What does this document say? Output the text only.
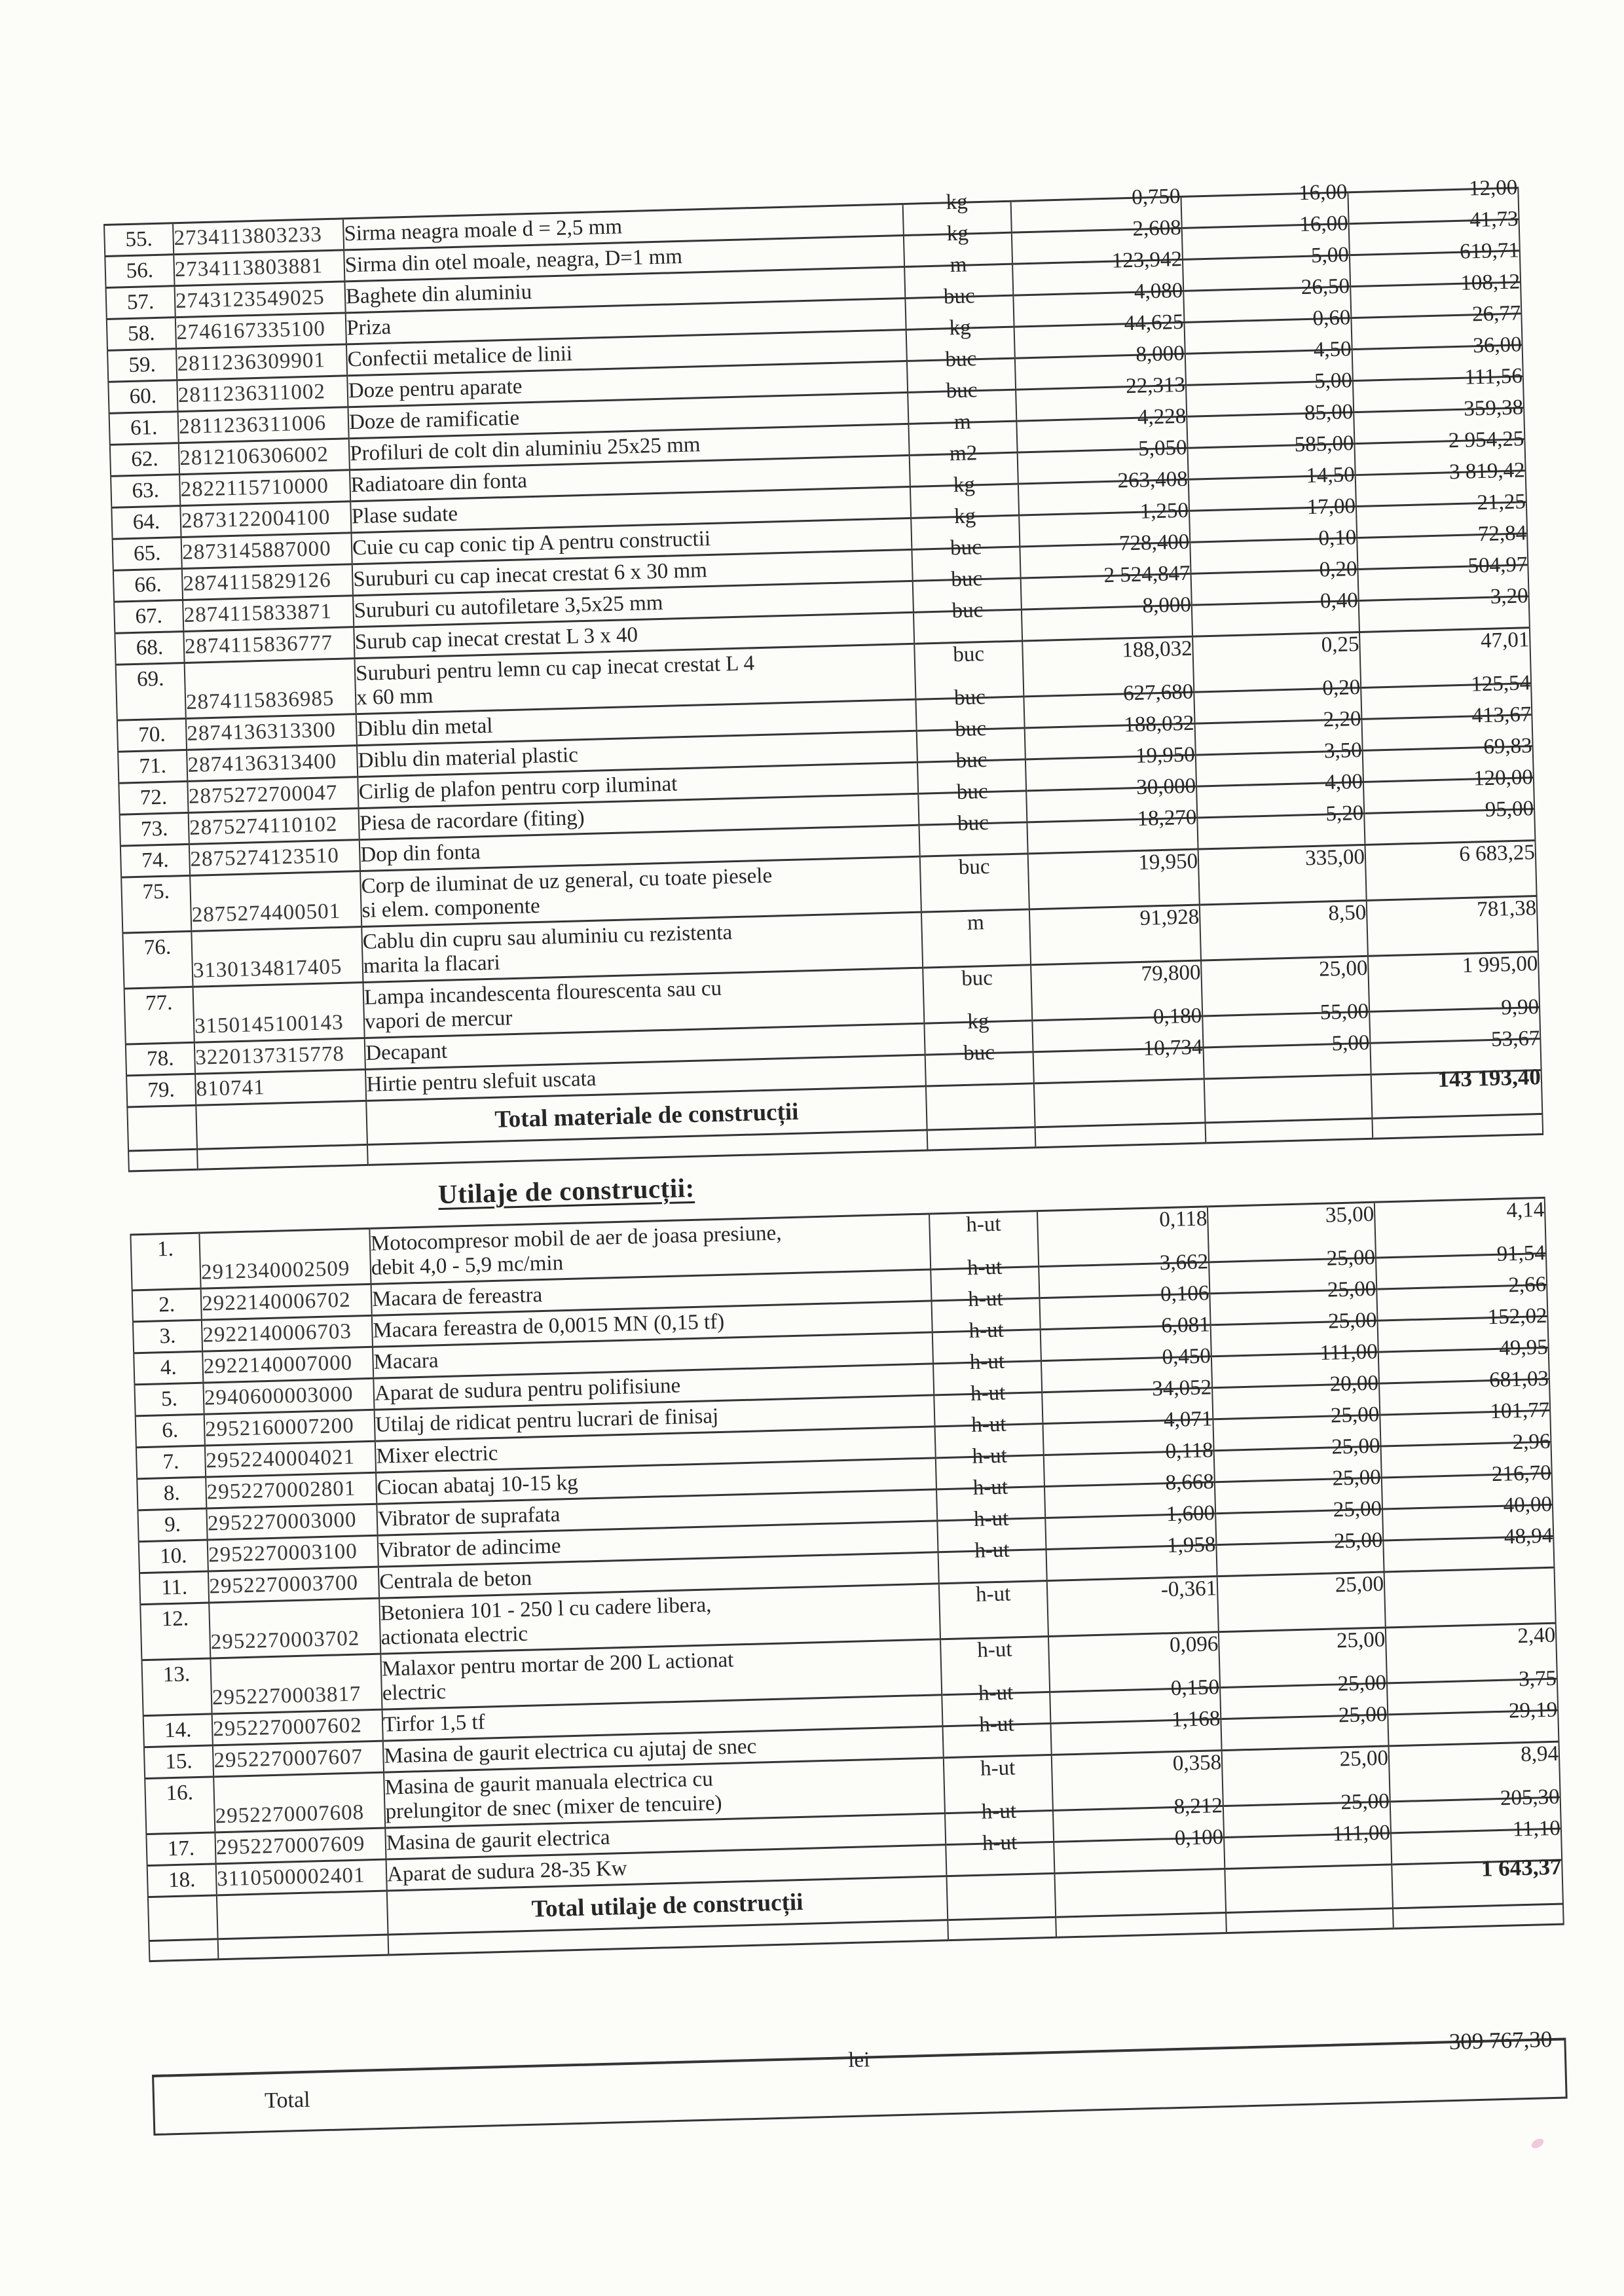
55.	2734113803233	Sirma neagra moale d = 2,5 mm	kg	0,750	16,00	12,00
56.	2734113803881	Sirma din otel moale, neagra, D=1 mm	kg	2,608	16,00	41,73
57.	2743123549025	Baghete din aluminiu	m	123,942	5,00	619,71
58.	2746167335100	Priza	buc	4,080	26,50	108,12
59.	2811236309901	Confectii metalice de linii	kg	44,625	0,60	26,77
60.	2811236311002	Doze pentru aparate	buc	8,000	4,50	36,00
61.	2811236311006	Doze de ramificatie	buc	22,313	5,00	111,56
62.	2812106306002	Profiluri de colt din aluminiu 25x25 mm	m	4,228	85,00	359,38
63.	2822115710000	Radiatoare din fonta	m2	5,050	585,00	2 954,25
64.	2873122004100	Plase sudate	kg	263,408	14,50	3 819,42
65.	2873145887000	Cuie cu cap conic tip A pentru constructii	kg	1,250	17,00	21,25
66.	2874115829126	Suruburi cu cap inecat crestat 6 x 30 mm	buc	728,400	0,10	72,84
67.	2874115833871	Suruburi cu autofiletare 3,5x25 mm	buc	2 524,847	0,20	504,97
68.	2874115836777	Surub cap inecat crestat L 3 x 40	buc	8,000	0,40	3,20
69.	2874115836985	Suruburi pentru lemn cu cap inecat crestat L 4
x 60 mm	buc	188,032	0,25	47,01
70.	2874136313300	Diblu din metal	buc	627,680	0,20	125,54
71.	2874136313400	Diblu din material plastic	buc	188,032	2,20	413,67
72.	2875272700047	Cirlig de plafon pentru corp iluminat	buc	19,950	3,50	69,83
73.	2875274110102	Piesa de racordare (fiting)	buc	30,000	4,00	120,00
74.	2875274123510	Dop din fonta	buc	18,270	5,20	95,00
75.	2875274400501	Corp de iluminat de uz general, cu toate piesele
si elem. componente	buc	19,950	335,00	6 683,25
76.	3130134817405	Cablu din cupru sau aluminiu cu rezistenta
marita la flacari	m	91,928	8,50	781,38
77.	3150145100143	Lampa incandescenta flourescenta sau cu
vapori de mercur	buc	79,800	25,00	1 995,00
78.	3220137315778	Decapant	kg	0,180	55,00	9,90
79.	810741	Hirtie pentru slefuit uscata	buc	10,734	5,00	53,67
		Total materiale de construcții				143 193,40

Utilaje de construcții:
1.	2912340002509	Motocompresor mobil de aer de joasa presiune,
debit 4,0 - 5,9 mc/min	h-ut	0,118	35,00	4,14
2.	2922140006702	Macara de fereastra	h-ut	3,662	25,00	91,54
3.	2922140006703	Macara fereastra de 0,0015 MN (0,15 tf)	h-ut	0,106	25,00	2,66
4.	2922140007000	Macara	h-ut	6,081	25,00	152,02
5.	2940600003000	Aparat de sudura pentru polifisiune	h-ut	0,450	111,00	49,95
6.	2952160007200	Utilaj de ridicat pentru lucrari de finisaj	h-ut	34,052	20,00	681,03
7.	2952240004021	Mixer electric	h-ut	4,071	25,00	101,77
8.	2952270002801	Ciocan abataj 10-15 kg	h-ut	0,118	25,00	2,96
9.	2952270003000	Vibrator de suprafata	h-ut	8,668	25,00	216,70
10.	2952270003100	Vibrator de adincime	h-ut	1,600	25,00	40,00
11.	2952270003700	Centrala de beton	h-ut	1,958	25,00	48,94
12.	2952270003702	Betoniera 101 - 250 l cu cadere libera,
actionata electric	h-ut	-0,361	25,00	
13.	2952270003817	Malaxor pentru mortar de 200 L actionat
electric	h-ut	0,096	25,00	2,40
14.	2952270007602	Tirfor 1,5 tf	h-ut	0,150	25,00	3,75
15.	2952270007607	Masina de gaurit electrica cu ajutaj de snec	h-ut	1,168	25,00	29,19
16.	2952270007608	Masina de gaurit manuala electrica cu
prelungitor de snec (mixer de tencuire)	h-ut	0,358	25,00	8,94
17.	2952270007609	Masina de gaurit electrica	h-ut	8,212	25,00	205,30
18.	3110500002401	Aparat de sudura 28-35 Kw	h-ut	0,100	111,00	11,10
		Total utilaje de construcții				1 643,37

Total
lei
309 767,30
